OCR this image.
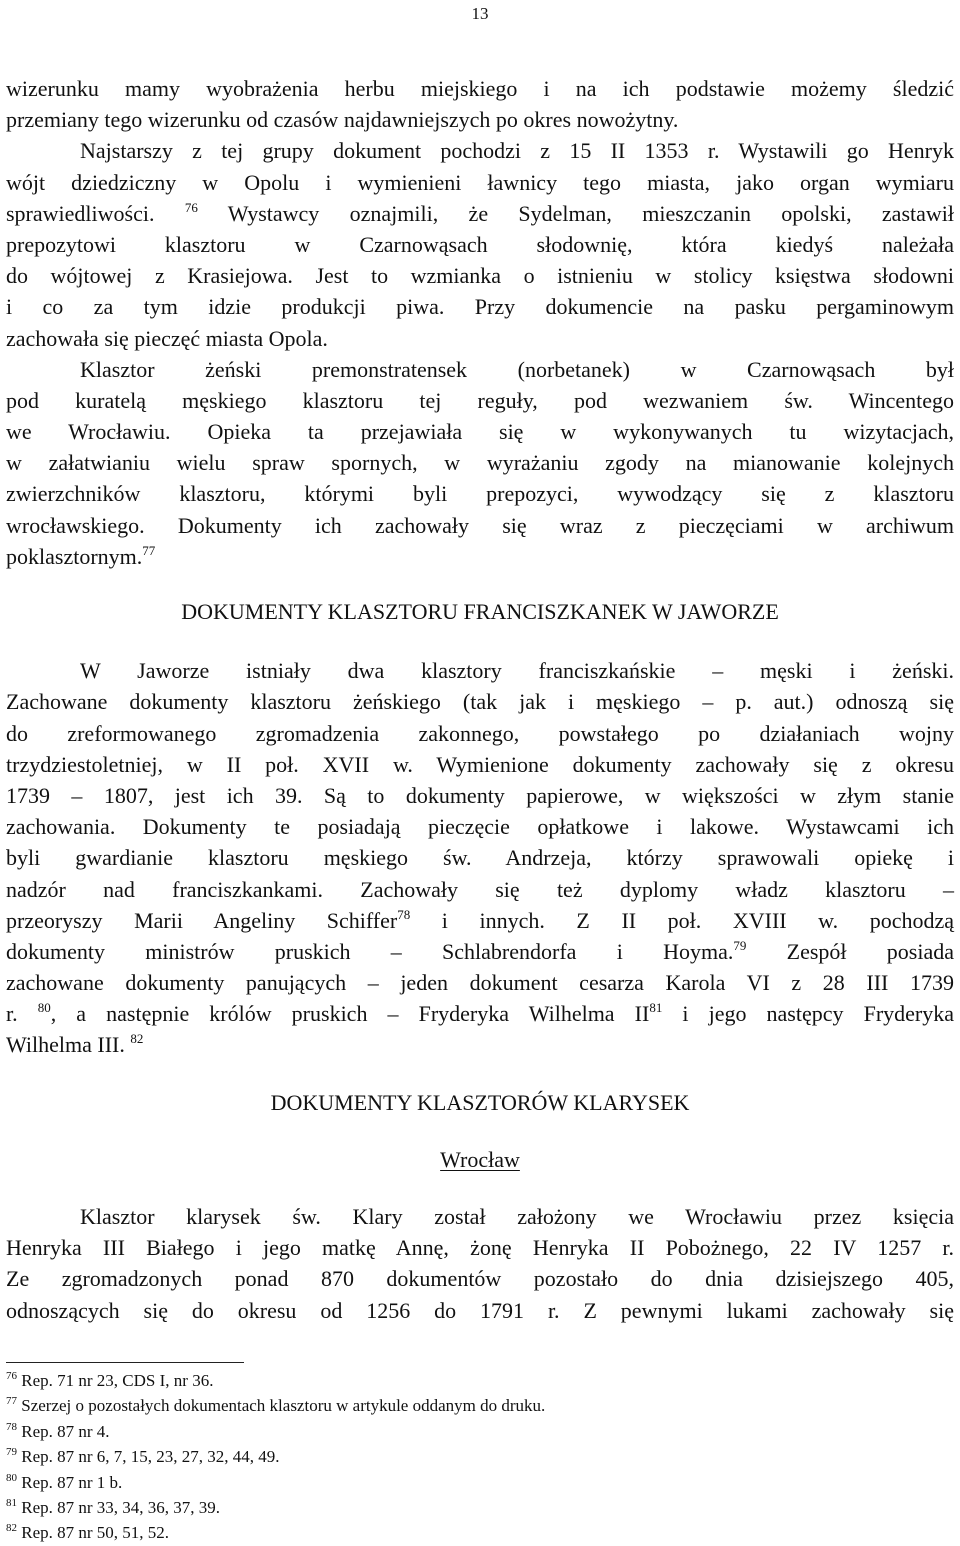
13
wizerunku mamy wyobrażenia herbu miejskiego i na ich podstawie możemy śledzić
przemiany tego wizerunku od czasów najdawniejszych po okres nowożytny.
Najstarszy z tej grupy dokument pochodzi z 15 II 1353 r. Wystawili go Henryk
wójt dziedziczny w Opolu i wymienieni ławnicy tego miasta, jako organ wymiaru
sprawiedliwości. $^{76}$ Wystawcy oznajmili, że Sydelman, mieszczanin opolski, zastawił
prepozytowi klasztoru w Czarnowąsach słodownię, która kiedyś należała
do wójtowej z Krasiejowa. Jest to wzmianka o istnieniu w stolicy księstwa słodowni
i co za tym idzie produkcji piwa. Przy dokumencie na pasku pergaminowym
zachowała się pieczęć miasta Opola.
Klasztor żeński premonstratensek (norbetanek) w Czarnowąsach był
pod kuratelą męskiego klasztoru tej reguły, pod wezwaniem św. Wincentego
we Wrocławiu. Opieka ta przejawiała się w wykonywanych tu wizytacjach,
w załatwianiu wielu spraw spornych, w wyrażaniu zgody na mianowanie kolejnych
zwierzchników klasztoru, którymi byli prepozyci, wywodzący się z klasztoru
wrocławskiego. Dokumenty ich zachowały się wraz z pieczęciami w archiwum
poklasztornym.$^{77}$
DOKUMENTY KLASZTORU FRANCISZKANEK W JAWORZE
W Jaworze istniały dwa klasztory franciszkańskie – męski i żeński.
Zachowane dokumenty klasztoru żeńskiego (tak jak i męskiego – p. aut.) odnoszą się
do zreformowanego zgromadzenia zakonnego, powstałego po działaniach wojny
trzydziestoletniej, w II poł. XVII w. Wymienione dokumenty zachowały się z okresu
1739 – 1807, jest ich 39. Są to dokumenty papierowe, w większości w złym stanie
zachowania. Dokumenty te posiadają pieczęcie opłatkowe i lakowe. Wystawcami ich
byli gwardianie klasztoru męskiego św. Andrzeja, którzy sprawowali opiekę i
nadzór nad franciszkankami. Zachowały się też dyplomy władz klasztoru –
przeoryszy Marii Angeliny Schiffer$^{78}$ i innych. Z II poł. XVIII w. pochodzą
dokumenty ministrów pruskich – Schlabrendorfa i Hoyma.$^{79}$ Zespół posiada
zachowane dokumenty panujących – jeden dokument cesarza Karola VI z 28 III 1739
r. $^{80}$, a następnie królów pruskich – Fryderyka Wilhelma II$^{81}$ i jego następcy Fryderyka
Wilhelma III. $^{82}$
DOKUMENTY KLASZTORÓW KLARYSEK
Wrocław
Klasztor klarysek św. Klary został założony we Wrocławiu przez księcia
Henryka III Białego i jego matkę Annę, żonę Henryka II Pobożnego, 22 IV 1257 r.
Ze zgromadzonych ponad 870 dokumentów pozostało do dnia dzisiejszego 405,
odnoszących się do okresu od 1256 do 1791 r. Z pewnymi lukami zachowały się
$^{76}$ Rep. 71 nr 23, CDS I, nr 36.
$^{77}$ Szerzej o pozostałych dokumentach klasztoru w artykule oddanym do druku.
$^{78}$ Rep. 87 nr 4.
$^{79}$ Rep. 87 nr 6, 7, 15, 23, 27, 32, 44, 49.
$^{80}$ Rep. 87 nr 1 b.
$^{81}$ Rep. 87 nr 33, 34, 36, 37, 39.
$^{82}$ Rep. 87 nr 50, 51, 52.
